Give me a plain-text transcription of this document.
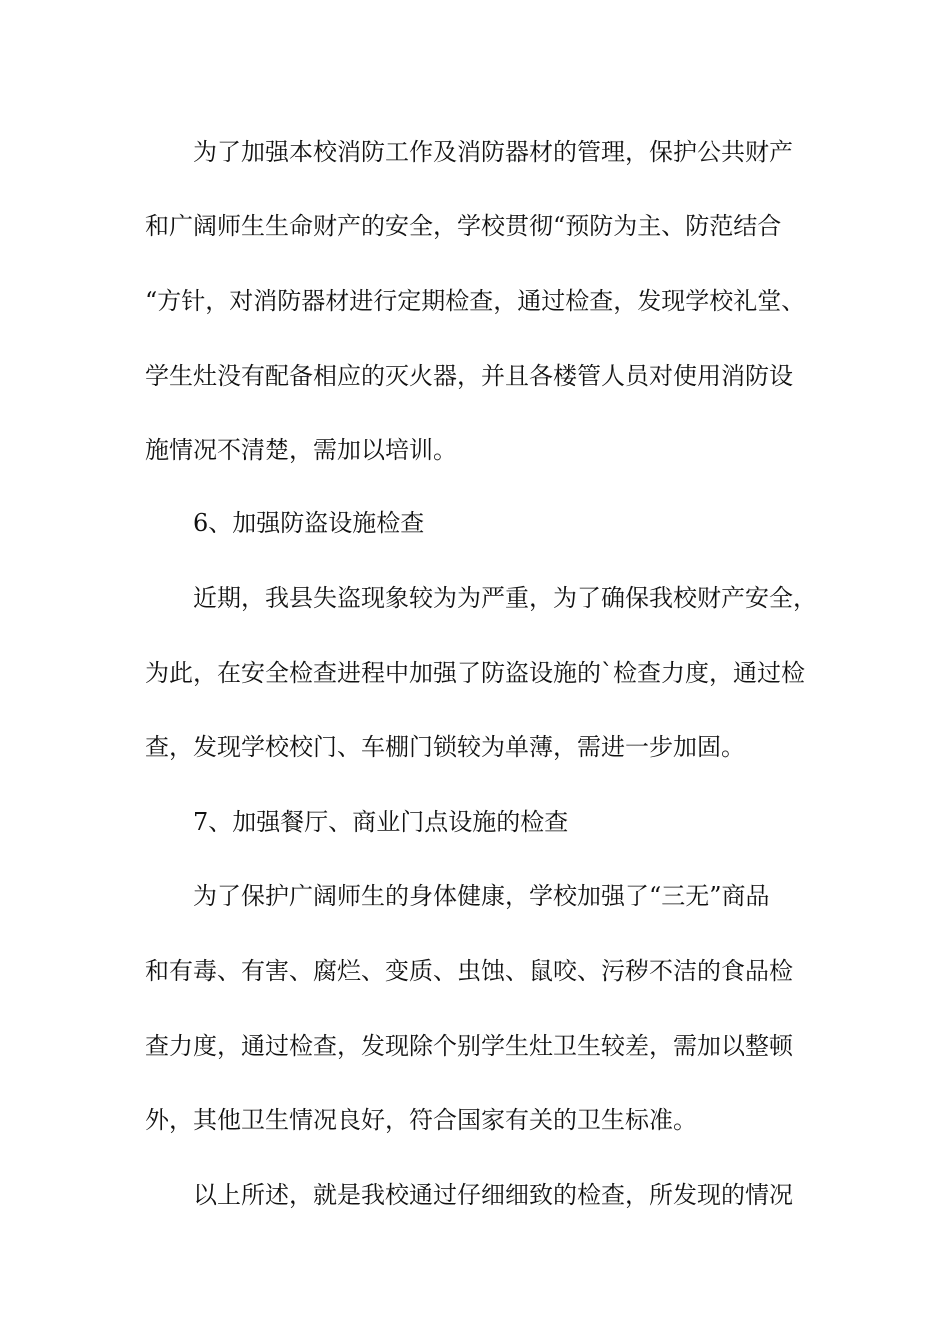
为了加强本校消防工作及消防器材的管理，保护公共财产
和广阔师生生命财产的安全，学校贯彻“预防为主、防范结合
“方针，对消防器材进行定期检查，通过检查，发现学校礼堂、
学生灶没有配备相应的灭火器，并且各楼管人员对使用消防设
施情况不清楚，需加以培训。
6、加强防盗设施检查
近期，我县失盗现象较为为严重，为了确保我校财产安全，
为此，在安全检查进程中加强了防盗设施的`检查力度，通过检
查，发现学校校门、车棚门锁较为单薄，需进一步加固。
7、加强餐厅、商业门点设施的检查
为了保护广阔师生的身体健康，学校加强了“三无”商品
和有毒、有害、腐烂、变质、虫蚀、鼠咬、污秽不洁的食品检
查力度，通过检查，发现除个别学生灶卫生较差，需加以整顿
外，其他卫生情况良好，符合国家有关的卫生标准。
以上所述，就是我校通过仔细细致的检查，所发现的情况
